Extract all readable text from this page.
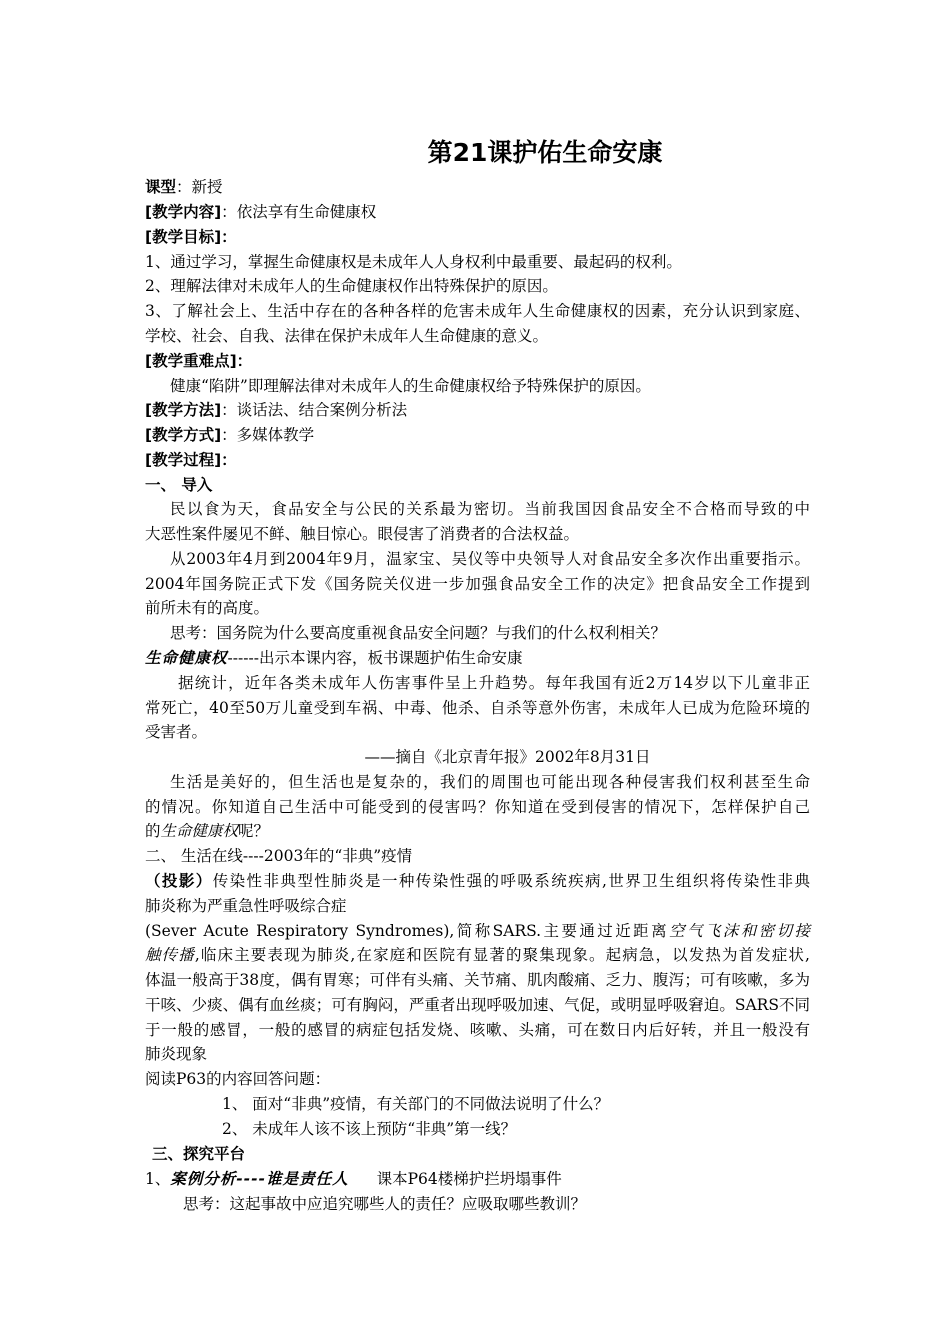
第21课护佑生命安康
课型：新授
[教学内容]：依法享有生命健康权
[教学目标]：
1、通过学习，掌握生命健康权是未成年人人身权利中最重要、最起码的权利。
2、理解法律对未成年人的生命健康权作出特殊保护的原因。
3、了解社会上、生活中存在的各种各样的危害未成年人生命健康权的因素，充分认识到家庭、
学校、社会、自我、法律在保护未成年人生命健康的意义。
[教学重难点]：
健康“陷阱”即理解法律对未成年人的生命健康权给予特殊保护的原因。
[教学方法]：谈话法、结合案例分析法
[教学方式]：多媒体教学
[教学过程]：
一、 导入
民以食为天，食品安全与公民的关系最为密切。当前我国因食品安全不合格而导致的中
大恶性案件屡见不鲜、触目惊心。眼侵害了消费者的合法权益。
从2003年4月到2004年9月，温家宝、吴仪等中央领导人对食品安全多次作出重要指示。
2004年国务院正式下发《国务院关仪进一步加强食品安全工作的决定》把食品安全工作提到
前所未有的高度。
思考：国务院为什么要高度重视食品安全问题？与我们的什么权利相关？
生命健康权------出示本课内容，板书课题护佑生命安康
据统计，近年各类未成年人伤害事件呈上升趋势。每年我国有近2万14岁以下儿童非正
常死亡，40至50万儿童受到车祸、中毒、他杀、自杀等意外伤害，未成年人已成为危险环境的
受害者。
——摘自《北京青年报》2002年8月31日
生活是美好的，但生活也是复杂的，我们的周围也可能出现各种侵害我们权利甚至生命
的情况。你知道自己生活中可能受到的侵害吗？你知道在受到侵害的情况下，怎样保护自己
的生命健康权呢？
二、 生活在线----2003年的“非典”疫情
（投影）传染性非典型性肺炎是一种传染性强的呼吸系统疾病,世界卫生组织将传染性非典
肺炎称为严重急性呼吸综合症
(Sever Acute Respiratory Syndromes),简称SARS.主要通过近距离空气飞沫和密切接
触传播,临床主要表现为肺炎,在家庭和医院有显著的聚集现象。起病急，以发热为首发症状,
体温一般高于38度，偶有胃寒；可伴有头痛、关节痛、肌肉酸痛、乏力、腹泻；可有咳嗽，多为
干咳、少痰、偶有血丝痰；可有胸闷，严重者出现呼吸加速、气促，或明显呼吸窘迫。SARS不同
于一般的感冒，一般的感冒的病症包括发烧、咳嗽、头痛，可在数日内后好转，并且一般没有
肺炎现象
阅读P63的内容回答问题：
1、 面对“非典”疫情，有关部门的不同做法说明了什么？
2、 未成年人该不该上预防“非典”第一线？
三、探究平台
1、案例分析----谁是责任人 课本P64楼梯护拦坍塌事件
思考：这起事故中应追究哪些人的责任？应吸取哪些教训？
